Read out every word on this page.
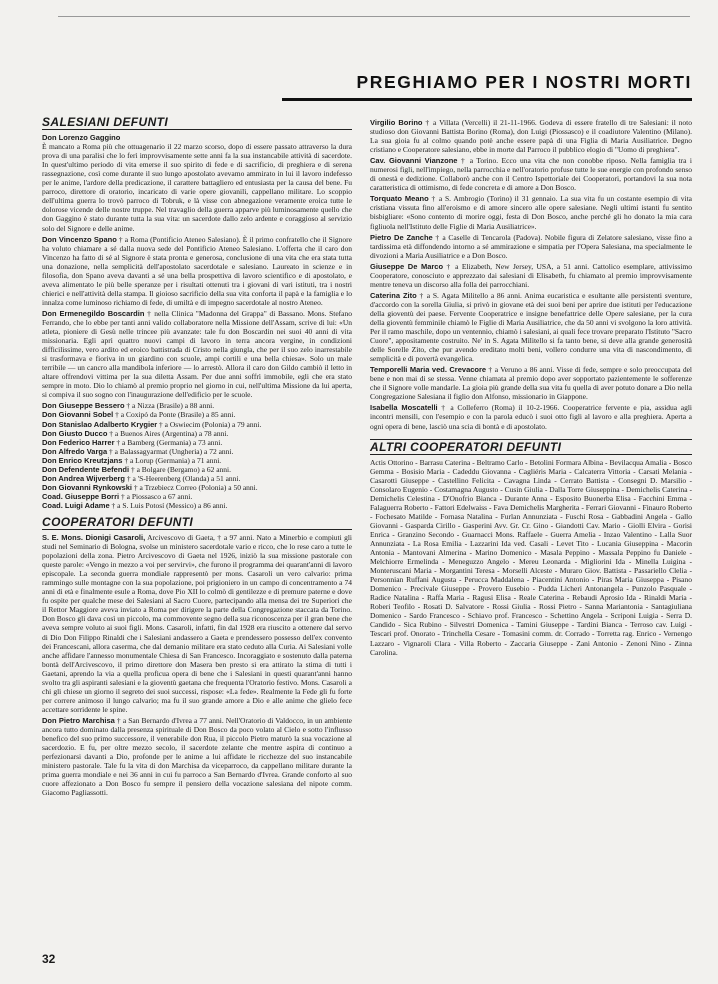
PREGHIAMO PER I NOSTRI MORTI
SALESIANI DEFUNTI

Don Lorenzo Gaggino
È mancato a Roma più che ottuagenario il 22 marzo scorso, dopo di essere passato attraverso la dura prova di una paralisi che lo ferì improvvisamente sette anni fa la sua instancabile attività di sacerdote. In quest'ultimo periodo di vita emerse il suo spirito di fede e di sacrificio, di preghiera e di serena rassegnazione, così come durante il suo lungo apostolato avevamo ammirato in lui il lavoro indefesso per le anime, l'ardore della predicazione, il carattere battagliero ed entusiasta per la causa del bene. Fu parroco, direttore di oratorio, incaricato di varie opere giovanili, cappellano militare. Lo scoppio dell'ultima guerra lo trovò parroco di Tobruk, e là visse con abnegazione veramente eroica tutte le dolorose vicende delle nostre truppe. Nel travaglio della guerra apparve più luminosamente quello che don Gaggino è stato durante tutta la sua vita: un sacerdote dallo zelo ardente e coraggioso al servizio solo del Signore e delle anime.

Don Vincenzo Spano † a Roma (Pontificio Ateneo Salesiano). È il primo confratello che il Signore ha voluto chiamare a sé dalla nuova sede del Pontificio Ateneo Salesiano. L'offerta che il caro don Vincenzo ha fatto di sé al Signore è stata pronta e generosa, conclusione di una vita che era stata tutta una donazione, nella semplicità dell'apostolato sacerdotale e salesiano. Laureato in scienze e in filosofia, don Spano aveva davanti a sé una bella prospettiva di lavoro scientifico e di apostolato, e aveva alimentato le più belle speranze per i risultati ottenuti tra i giovani di vari istituti, tra i nostri chierici e nell'attività della stampa. Il gioioso sacrificio della sua vita conforta il papà e la famiglia e lo innalza come luminoso richiamo di fede, di umiltà e di impegno sacerdotale al nostro Ateneo.

Don Ermenegildo Boscardin † nella Clinica "Madonna del Grappa" di Bassano. Mons. Stefano Ferrando, che lo ebbe per tanti anni valido collaboratore nella Missione dell'Assam, scrive di lui: «Un atleta, pioniere di Gesù nelle trincee più avanzate: tale fu don Boscardin nei suoi 40 anni di vita missionaria. Egli aprì quattro nuovi campi di lavoro in terra ancora vergine, in condizioni difficilissime, vero ardito ed eroico battistrada di Cristo nella giungla, che per il suo zelo inarrestabile si trasformava e fioriva in un giardino con scuole, ampi cortili e una bella chiesa». Solo un male terribile — un cancro alla mandibola inferiore — lo arrestò. Allora il caro don Gildo cambiò il letto in altare offrendovi vittima per la sua diletta Assam. Per due anni soffrì immobile, egli che era stato sempre in moto. Dio lo chiamò al premio proprio nel giorno in cui, nell'ultima Missione da lui aperta, si compiva il suo sogno con l'inaugurazione dell'edificio per le scuole.

Don Giuseppe Bessero † a Nizza (Brasile) a 88 anni.

Don Giovanni Sobel † a Coxipó da Ponte (Brasile) a 85 anni.

Don Stanislao Adalberto Krygier † a Oswiecim (Polonia) a 79 anni.

Don Giusto Ducco † a Buenos Aires (Argentina) a 78 anni.

Don Federico Harrer † a Bamberg (Germania) a 73 anni.

Don Alfredo Varga † a Balassagyarmat (Ungheria) a 72 anni.

Don Enrico Kreutzjans † a Lorup (Germania) a 71 anni.

Don Defendente Befendi † a Bolgare (Bergamo) a 62 anni.

Don Andrea Wijverberg † a 'S-Heerenberg (Olanda) a 51 anni.

Don Giovanni Rynkowski † a Trzebiecz Correo (Polonia) a 50 anni.

Coad. Giuseppe Borri † a Piossasco a 67 anni.

Coad. Luigi Adame † a S. Luis Potosí (Messico) a 86 anni.

COOPERATORI DEFUNTI

S. E. Mons. Dionigi Casaroli, Arcivescovo di Gaeta, † a 97 anni. Nato a Minerbio e compiuti gli studi nel Seminario di Bologna, svolse un ministero sacerdotale vario e ricco, che lo rese caro a tutte le popolazioni della zona. Pietro Arcivescovo di Gaeta nel 1926, iniziò la sua missione pastorale con queste parole: «Vengo in mezzo a voi per servirvi», che furono il programma dei quarant'anni di lavoro episcopale. La seconda guerra mondiale rappresentò per mons. Casaroli un vero calvario: prima rammingo sulle montagne con la sua popolazione, poi prigioniero in un campo di concentramento a 74 anni di età e finalmente esule a Roma, dove Pio XII lo colmò di gentilezze e di premure paterne e dove fu ospite per qualche mese dei Salesiani al Sacro Cuore, partecipando alla mensa dei tre Superiori che il Rettor Maggiore aveva inviato a Roma per dirigere la parte della Congregazione staccata da Torino. Don Bosco gli dava così un piccolo, ma commovente segno della sua riconoscenza per il gran bene che aveva sempre voluto ai suoi figli. Mons. Casaroli, infatti, fin dal 1928 era riuscito a ottenere dal servo di Dio Don Filippo Rinaldi che i Salesiani andassero a Gaeta e prendessero possesso dell'ex convento dei Francescani, allora caserma, che dal demanio militare era stato ceduto alla Curia. Ai Salesiani volle anche affidare l'annesso monumentale Chiesa di San Francesco. Incoraggiato e sostenuto dalla paterna bontà dell'Arcivescovo, il primo direttore don Masera ben presto si era attirato la stima di tutti i Gaetani, aprendo la via a quella proficua opera di bene che i Salesiani in questi quarant'anni hanno svolto tra gli aspiranti salesiani e la gioventù gaetana che frequenta l'Oratorio festivo. Mons. Casaroli a chi gli chiese un giorno il segreto dei suoi successi, rispose: «La fede». Realmente la Fede gli fu forte per correre animoso il lungo calvario; ma fu il suo grande amore a Dio e alle anime che glielo fece accettare sorridente le spine.

Don Pietro Marchisa † a San Bernardo d'Ivrea a 77 anni. Nell'Oratorio di Valdocco, in un ambiente ancora tutto dominato dalla presenza spirituale di Don Bosco da poco volato al Cielo e sotto l'influsso benefico del suo primo successore, il venerabile don Rua, il piccolo Pietro maturò la sua vocazione al sacerdozio. E fu, per oltre mezzo secolo, il sacerdote zelante che mentre aspira di continuo a perfezionarsi davanti a Dio, profonde per le anime a lui affidate le ricchezze del suo instancabile ministero pastorale. Tale fu la vita di don Marchisa da viceparroco, da cappellano militare durante la prima guerra mondiale e nei 36 anni in cui fu parroco a San Bernardo d'Ivrea. Grande conforto al suo cuore affezionato a Don Bosco fu sempre il pensiero della vocazione salesiana del nipote comm. Giacomo Pagliassotti.

Virgilio Borino † a Villata (Vercelli) il 21-11-1966. Godeva di essere fratello di tre Salesiani: il noto studioso don Giovanni Battista Borino (Roma), don Luigi (Piossasco) e il coadiutore Valentino (Milano). La sua gioia fu al colmo quando potè anche essere papà di una Figlia di Maria Ausiliatrice. Degno cristiano e Cooperatore salesiano, ebbe in morte dal Parroco il pubblico elogio di "Uomo di preghiera".

Cav. Giovanni Vianzone † a Torino. Ecco una vita che non conobbe riposo. Nella famiglia tra i numerosi figli, nell'impiego, nella parrocchia e nell'oratorio profuse tutte le sue energie con profondo senso di onestà e dedizione. Collaborò anche con il Centro Ispettoriale dei Cooperatori, portandovi la sua nota caratteristica di ottimismo, di fede concreta e di amore a Don Bosco.

Torquato Meano † a S. Ambrogio (Torino) il 31 gennaio. La sua vita fu un costante esempio di vita cristiana vissuta fino all'eroismo e di amore sincero alle opere salesiane. Negli ultimi istanti fu sentito bisbigliare: «Sono contento di morire oggi, festa di Don Bosco, anche perché gli ho donato la mia cara figliuola nell'Istituto delle Figlie di Maria Ausiliatrice».

Pietro De Zanche † a Caselle di Tencarola (Padova). Nobile figura di Zelatore salesiano, visse fino a tardissima età diffondendo intorno a sé ammirazione e simpatia per l'Opera Salesiana, ma specialmente le divozioni a Maria Ausiliatrice e a Don Bosco.

Giuseppe De Marco † a Elizabeth, New Jersey, USA, a 51 anni. Cattolico esemplare, attivissimo Cooperatore, conosciuto e apprezzato dai salesiani di Elisabeth, fu chiamato al premio improvvisamente mentre teneva un discorso alla folla dei parrocchiani.

Caterina Zito † a S. Agata Militello a 86 anni. Anima eucaristica e esultante alle persistenti sventure, d'accordo con la sorella Giulia, si privò in giovane età dei suoi beni per aprire due istituti per l'educazione della gioventù dei paese. Fervente Cooperatrice e insigne benefattrice delle Opere salesiane, per la cura della gioventù femminile chiamò le Figlie di Maria Ausiliatrice, che da 50 anni vi svolgono la loro attività. Per il ramo maschile, dopo un ventennio, chiamò i salesiani, ai quali fece trovare preparato l'Istituto "Sacro Cuore", appositamente costruito. Ne' in S. Agata Militello si fa tanto bene, si deve alla grande generosità delle Sorelle Zito, che pur avendo ereditato molti beni, vollero condurre una vita di nascondimento, di semplicità e di povertà evangelica.

Temporelli Maria ved. Crevacore † a Veruno a 86 anni. Visse di fede, sempre e solo preoccupata del bene e non mai di se stessa. Venne chiamata al premio dopo aver sopportato pazientemente le sofferenze che il Signore volle mandarle. La gioia più grande della sua vita fu quella di aver potuto donare a Dio nella Congregazione Salesiana il figlio don Alfonso, missionario in Giappone.

Isabella Moscatelli † a Colleferro (Roma) il 10-2-1966. Cooperatrice fervente e pia, assidua agli incontri mensili, con l'esempio e con la parola educò i suoi otto figli al lavoro e alla preghiera. Aperta a ogni opera di bene, lasciò una scia di bontà e di apostolato.

ALTRI COOPERATORI DEFUNTI

Actis Ottorino - Barrasu Caterina - Beltramo Carlo - Betolini Formara Albina - Bevilacqua Amalia - Bosco Gemma - Bosisio Maria - Cadeddu Giovanna - Cagliéris Maria - Calcaterra Vittoria - Carsati Melania - Casarotti Giuseppe - Castellino Felicita - Cavagna Linda - Cerrato Battista - Consegni D. Marsilio - Consolaro Eugenio - Costamagna Augusto - Cusin Giulia - Dalla Torre Giuseppina - Demichelis Caterina - Demichelis Celestina - D'Onofrio Bianca - Durante Anna - Esposito Buonerba Elisa - Facchini Emma - Falaguerra Roberto - Fattori Edelwaiss - Fava Demichelis Margherita - Ferrari Giovanni - Finauro Roberto - Fochesato Matilde - Fornasa Natalina - Furlan Annunziata - Fuschi Rosa - Gabbadini Angela - Gallo Giovanni - Gasparda Cirillo - Gasperini Avv. Gr. Cr. Gino - Giandotti Cav. Mario - Giolli Elvira - Gorisi Enrica - Granzino Secondo - Guarnacci Mons. Raffaele - Guerra Amelia - Inzao Valentino - Lalla Suor Annunziata - La Rosa Emilia - Lazzarini Ida ved. Casali - Levet Tito - Lucania Giuseppina - Macorin Antonia - Mantovani Almerina - Marino Domenico - Masala Peppino - Massala Peppino fu Daniele - Melchiorre Ermelinda - Meneguzzo Angelo - Mereu Leonarda - Migliorini Ida - Minella Luigina - Monteruscani Maria - Morgantini Teresa - Morselli Alceste - Muraro Giov. Battista - Passariello Clelia - Personnian Ruffani Augusta - Perucca Maddalena - Piacentini Antonio - Piras Maria Giuseppa - Pisano Domenico - Precivale Giuseppe - Provero Eusebio - Pudda Licheri Antonangela - Punzolo Pasquale - Radice Natalina - Raffa Maria - Ragusi Elisa - Reale Caterina - Rebaudi Aprosio Ida - Rinaldi Maria - Roberi Teofilo - Rosati D. Salvatore - Rossi Giulia - Rossi Pietro - Sanna Mariantonia - Santagiuliana Domenico - Sardo Francesco - Schiavo prof. Francesco - Schettino Angela - Scriponi Luigia - Serra D. Candido - Sica Rubino - Silvestri Domenica - Tamini Giuseppe - Tardini Bianca - Terroso cav. Luigi - Tescari prof. Onorato - Trinchella Cesare - Tomasini comm. dr. Corrado - Torretta rag. Enrico - Vernengo Lazzaro - Vignaroli Clara - Villa Roberto - Zaccaria Giuseppe - Zani Antonio - Zenoni Nino - Zinna Carolina.

32
